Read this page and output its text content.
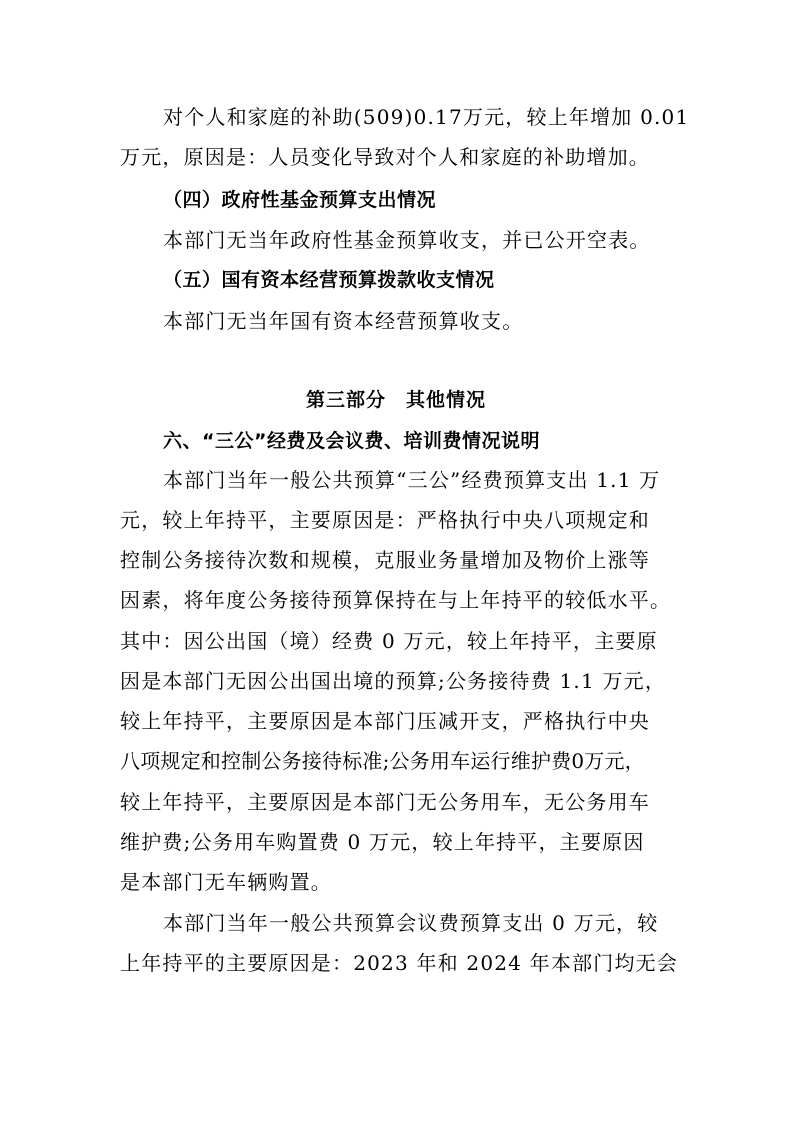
对个人和家庭的补助(509)0.17万元，较上年增加 0.01
万元，原因是：人员变化导致对个人和家庭的补助增加。
（四）政府性基金预算支出情况
本部门无当年政府性基金预算收支，并已公开空表。
（五）国有资本经营预算拨款收支情况
本部门无当年国有资本经营预算收支。
第三部分　其他情况
六、“三公”经费及会议费、培训费情况说明
本部门当年一般公共预算“三公”经费预算支出 1.1 万
元，较上年持平，主要原因是：严格执行中央八项规定和
控制公务接待次数和规模，克服业务量增加及物价上涨等
因素，将年度公务接待预算保持在与上年持平的较低水平。
其中：因公出国（境）经费 0 万元，较上年持平，主要原
因是本部门无因公出国出境的预算;公务接待费 1.1 万元，
较上年持平，主要原因是本部门压减开支，严格执行中央
八项规定和控制公务接待标准;公务用车运行维护费0万元，
较上年持平，主要原因是本部门无公务用车，无公务用车
维护费;公务用车购置费 0 万元，较上年持平，主要原因
是本部门无车辆购置。
本部门当年一般公共预算会议费预算支出 0 万元，较
上年持平的主要原因是：2023 年和 2024 年本部门均无会
